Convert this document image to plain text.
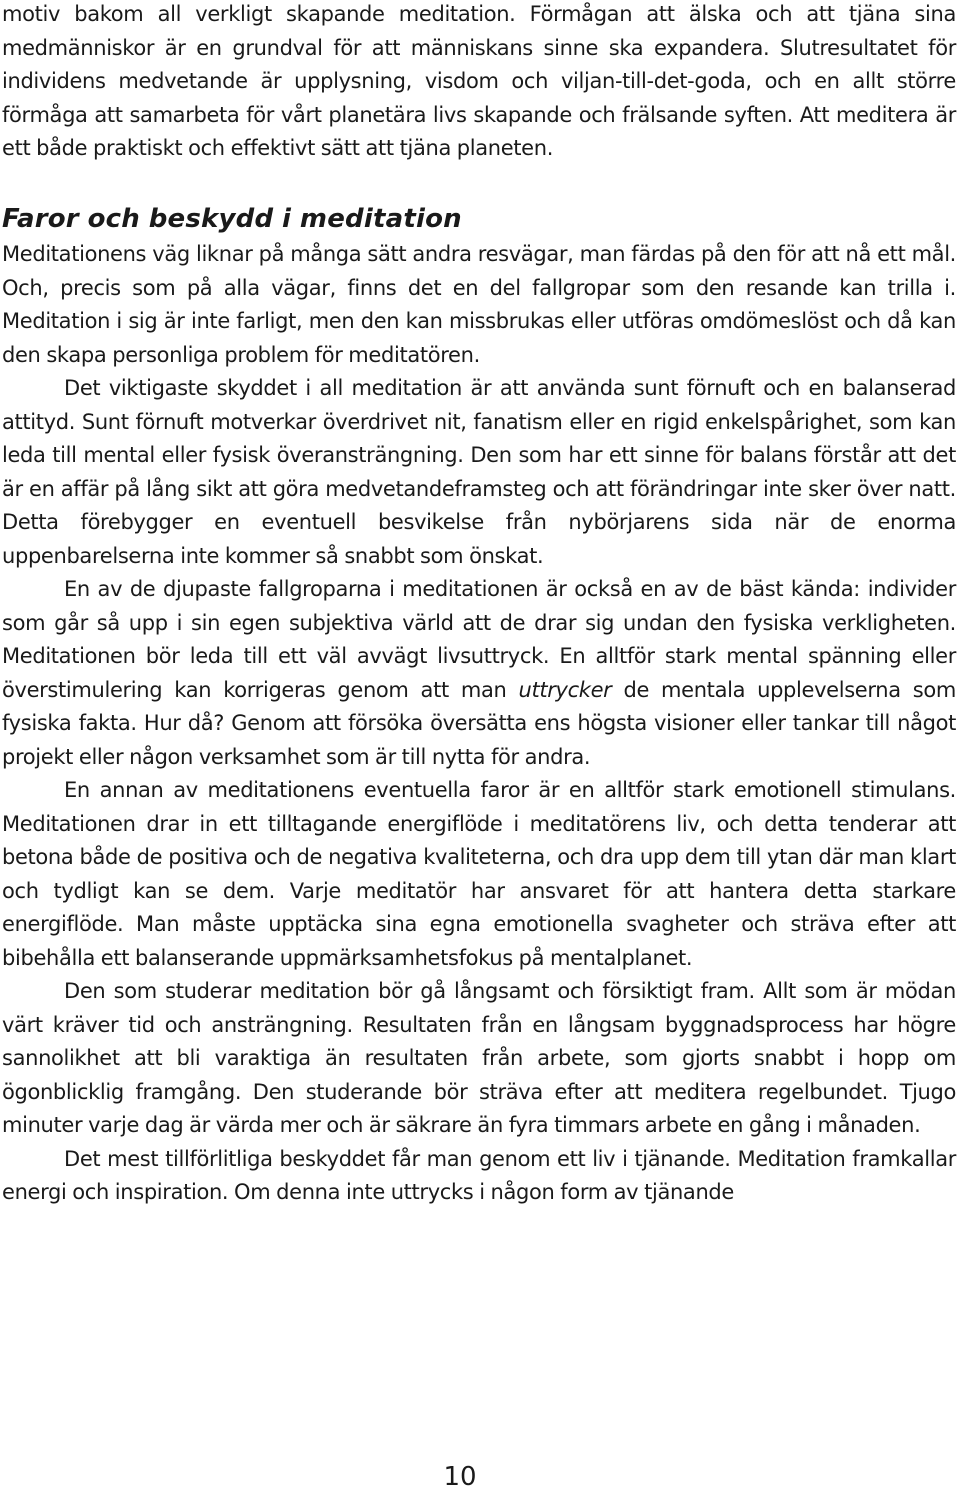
motiv bakom all verkligt skapande meditation. Förmågan att älska och att tjäna sina medmänniskor är en grundval för att människans sinne ska expandera. Slutresultatet för individens medvetande är upplysning, visdom och viljan-till-det-goda, och en allt större förmåga att samarbeta för vårt planetära livs skapande och frälsande syften. Att meditera är ett både praktiskt och effektivt sätt att tjäna planeten.

Faror och beskydd i meditation

Meditationens väg liknar på många sätt andra resvägar, man färdas på den för att nå ett mål. Och, precis som på alla vägar, finns det en del fallgropar som den resande kan trilla i. Meditation i sig är inte farligt, men den kan missbrukas eller utföras omdömeslöst och då kan den skapa personliga problem för meditatören.

Det viktigaste skyddet i all meditation är att använda sunt förnuft och en balanserad attityd. Sunt förnuft motverkar överdrivet nit, fanatism eller en rigid enkelspårighet, som kan leda till mental eller fysisk överansträngning. Den som har ett sinne för balans förstår att det är en affär på lång sikt att göra medvetandeframsteg och att förändringar inte sker över natt. Detta förebygger en eventuell besvikelse från nybörjarens sida när de enorma uppenbarelserna inte kommer så snabbt som önskat.

En av de djupaste fallgroparna i meditationen är också en av de bäst kända: individer som går så upp i sin egen subjektiva värld att de drar sig undan den fysiska verkligheten. Meditationen bör leda till ett väl avvägt livsuttryck. En alltför stark mental spänning eller överstimulering kan korrigeras genom att man uttrycker de mentala upplevelserna som fysiska fakta. Hur då? Genom att försöka översätta ens högsta visioner eller tankar till något projekt eller någon verksamhet som är till nytta för andra.

En annan av meditationens eventuella faror är en alltför stark emotionell stimulans. Meditationen drar in ett tilltagande energiflöde i meditatörens liv, och detta tenderar att betona både de positiva och de negativa kvaliteterna, och dra upp dem till ytan där man klart och tydligt kan se dem. Varje meditatör har ansvaret för att hantera detta starkare energiflöde. Man måste upptäcka sina egna emotionella svagheter och sträva efter att bibehålla ett balanserande uppmärksamhetsfokus på mentalplanet.

Den som studerar meditation bör gå långsamt och försiktigt fram. Allt som är mödan värt kräver tid och ansträngning. Resultaten från en långsam byggnadsprocess har högre sannolikhet att bli varaktiga än resultaten från arbete, som gjorts snabbt i hopp om ögonblicklig framgång. Den studerande bör sträva efter att meditera regelbundet. Tjugo minuter varje dag är värda mer och är säkrare än fyra timmars arbete en gång i månaden.

Det mest tillförlitliga beskyddet får man genom ett liv i tjänande. Meditation framkallar energi och inspiration. Om denna inte uttrycks i någon form av tjänande

10
